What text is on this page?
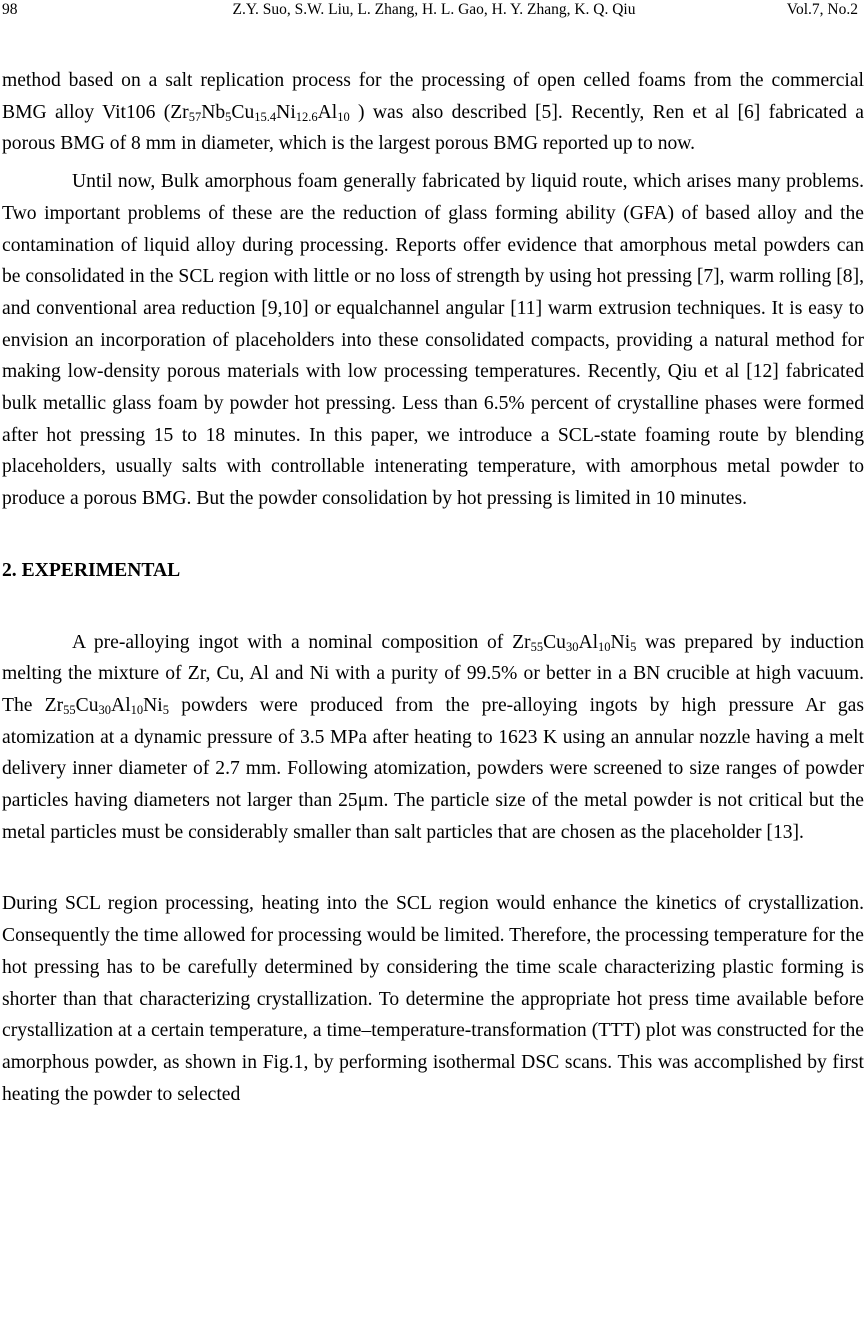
98	Z.Y. Suo, S.W. Liu, L. Zhang, H. L. Gao, H. Y. Zhang, K. Q. Qiu	Vol.7, No.2

method based on a salt replication process for the processing of open celled foams from the commercial BMG alloy Vit106 ($Zr_{57}Nb_5Cu_{15.4}Ni_{12.6}Al_{10}$ ) was also described [5]. Recently, Ren et al [6] fabricated a porous BMG of 8 mm in diameter, which is the largest porous BMG reported up to now.

Until now, Bulk amorphous foam generally fabricated by liquid route, which arises many problems. Two important problems of these are the reduction of glass forming ability (GFA) of based alloy and the contamination of liquid alloy during processing. Reports offer evidence that amorphous metal powders can be consolidated in the SCL region with little or no loss of strength by using hot pressing [7], warm rolling [8], and conventional area reduction [9,10] or equalchannel angular [11] warm extrusion techniques. It is easy to envision an incorporation of placeholders into these consolidated compacts, providing a natural method for making low-density porous materials with low processing temperatures. Recently, Qiu et al [12] fabricated bulk metallic glass foam by powder hot pressing. Less than 6.5% percent of crystalline phases were formed after hot pressing 15 to 18 minutes. In this paper, we introduce a SCL-state foaming route by blending placeholders, usually salts with controllable intenerating temperature, with amorphous metal powder to produce a porous BMG. But the powder consolidation by hot pressing is limited in 10 minutes.

2. EXPERIMENTAL

A pre-alloying ingot with a nominal composition of $Zr_{55}Cu_{30}Al_{10}Ni_5$ was prepared by induction melting the mixture of Zr, Cu, Al and Ni with a purity of 99.5% or better in a BN crucible at high vacuum. The $Zr_{55}Cu_{30}Al_{10}Ni_5$ powders were produced from the pre-alloying ingots by high pressure Ar gas atomization at a dynamic pressure of 3.5 MPa after heating to 1623 K using an annular nozzle having a melt delivery inner diameter of 2.7 mm. Following atomization, powders were screened to size ranges of powder particles having diameters not larger than 25μm. The particle size of the metal powder is not critical but the metal particles must be considerably smaller than salt particles that are chosen as the placeholder [13].

During SCL region processing, heating into the SCL region would enhance the kinetics of crystallization. Consequently the time allowed for processing would be limited. Therefore, the processing temperature for the hot pressing has to be carefully determined by considering the time scale characterizing plastic forming is shorter than that characterizing crystallization. To determine the appropriate hot press time available before crystallization at a certain temperature, a time–temperature-transformation (TTT) plot was constructed for the amorphous powder, as shown in Fig.1, by performing isothermal DSC scans. This was accomplished by first heating the powder to selected
